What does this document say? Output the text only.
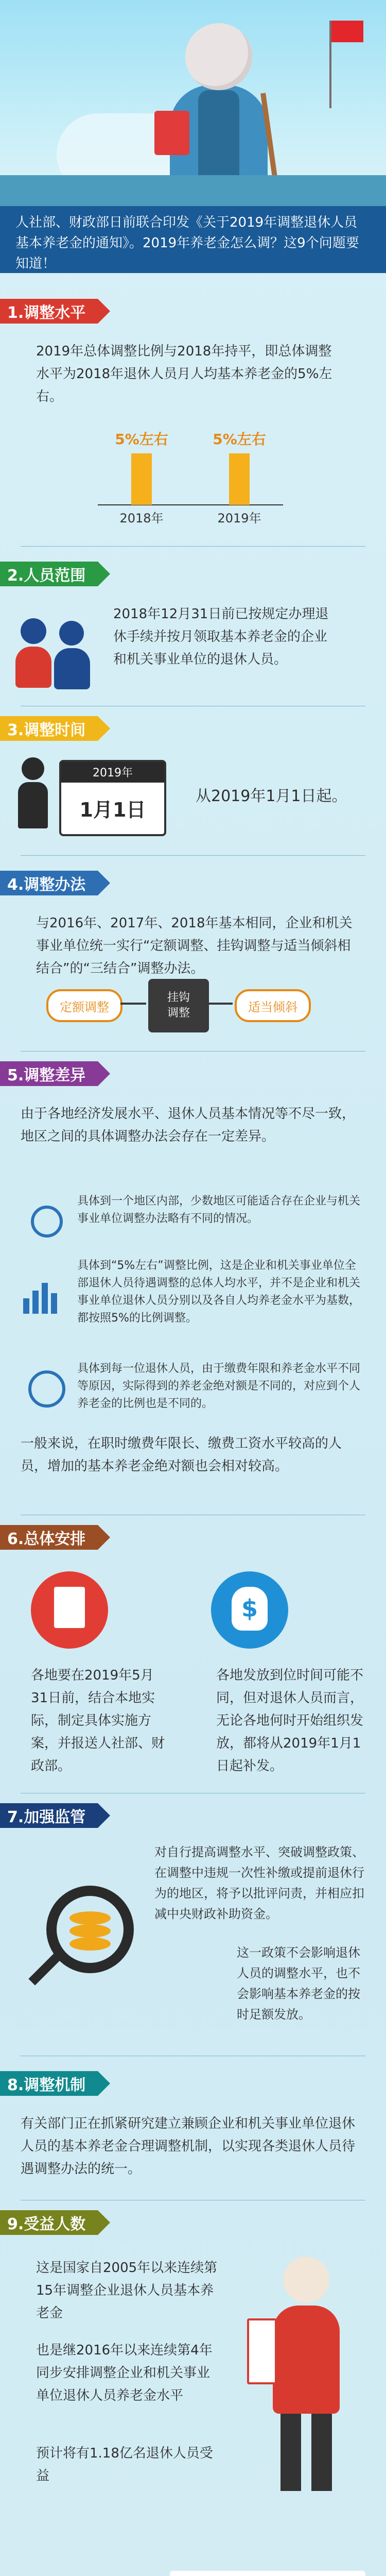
人社部、财政部日前联合印发《关于2019年调整退休人员基本养老金的通知》。2019年养老金怎么调？这9个问题要知道！
1.调整水平
2019年总体调整比例与2018年持平，即总体调整水平为2018年退休人员月人均基本养老金的5%左右。
5%左右
2018年
5%左右
2019年
2.人员范围
2018年12月31日前已按规定办理退休手续并按月领取基本养老金的企业和机关事业单位的退休人员。
3.调整时间
2019年
1月1日
从2019年1月1日起。
4.调整办法
与2016年、2017年、2018年基本相同，企业和机关事业单位统一实行“定额调整、挂钩调整与适当倾斜相结合”的“三结合”调整办法。
定额调整
挂钩
调整	适当倾斜
5.调整差异
由于各地经济发展水平、退休人员基本情况等不尽一致，地区之间的具体调整办法会存在一定差异。
具体到一个地区内部，少数地区可能适合存在企业与机关事业单位调整办法略有不同的情况。
具体到“5%左右”调整比例，这是企业和机关事业单位全部退休人员待遇调整的总体人均水平，并不是企业和机关事业单位退休人员分别以及各自人均养老金水平为基数，都按照5%的比例调整。
具体到每一位退休人员，由于缴费年限和养老金水平不同等原因，实际得到的养老金绝对额是不同的，对应到个人养老金的比例也是不同的。
一般来说，在职时缴费年限长、缴费工资水平较高的人员，增加的基本养老金绝对额也会相对较高。
6.总体安排
各地要在2019年5月31日前，结合本地实际，制定具体实施方案，并报送人社部、财政部。
$
各地发放到位时间可能不同，但对退休人员而言，无论各地何时开始组织发放，都将从2019年1月1日起补发。
7.加强监管
对自行提高调整水平、突破调整政策、在调整中违规一次性补缴或提前退休行为的地区，将予以批评问责，并相应扣减中央财政补助资金。
这一政策不会影响退休人员的调整水平，也不会影响基本养老金的按时足额发放。
8.调整机制
有关部门正在抓紧研究建立兼顾企业和机关事业单位退休人员的基本养老金合理调整机制，以实现各类退休人员待遇调整办法的统一。
9.受益人数
这是国家自2005年以来连续第15年调整企业退休人员基本养老金
也是继2016年以来连续第4年同步安排调整企业和机关事业单位退休人员养老金水平
预计将有1.18亿名退休人员受益
